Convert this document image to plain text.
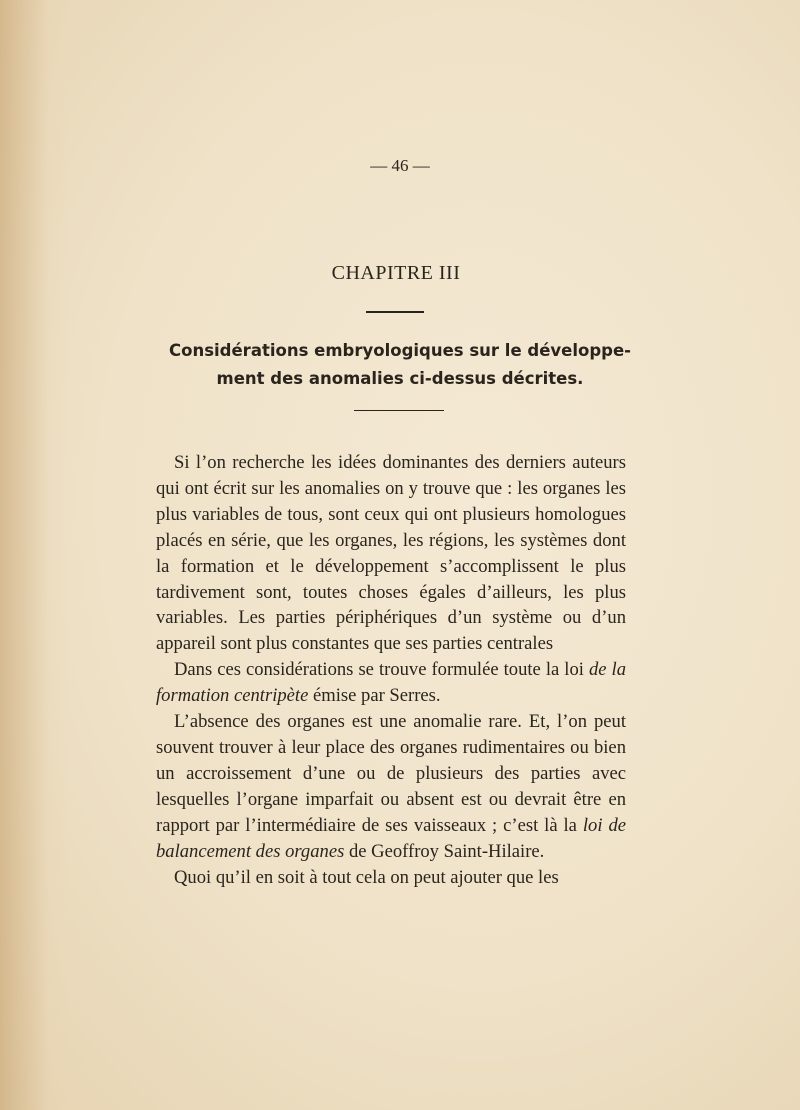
— 46 —
CHAPITRE III
Considérations embryologiques sur le développe-
ment des anomalies ci-dessus décrites.

Si l’on recherche les idées dominantes des derniers auteurs qui ont écrit sur les anomalies on y trouve que : les organes les plus variables de tous, sont ceux qui ont plusieurs homologues placés en série, que les organes, les régions, les systèmes dont la formation et le développement s’accomplissent le plus tardivement sont, toutes choses égales d’ailleurs, les plus variables. Les parties périphériques d’un système ou d’un appareil sont plus constantes que ses parties centrales

Dans ces considérations se trouve formulée toute la loi de la formation centripète émise par Serres.

L’absence des organes est une anomalie rare. Et, l’on peut souvent trouver à leur place des organes rudimentaires ou bien un accroissement d’une ou de plusieurs des parties avec lesquelles l’organe imparfait ou absent est ou devrait être en rapport par l’intermédiaire de ses vaisseaux ; c’est là la loi de balancement des organes de Geoffroy Saint-Hilaire.

Quoi qu’il en soit à tout cela on peut ajouter que les
